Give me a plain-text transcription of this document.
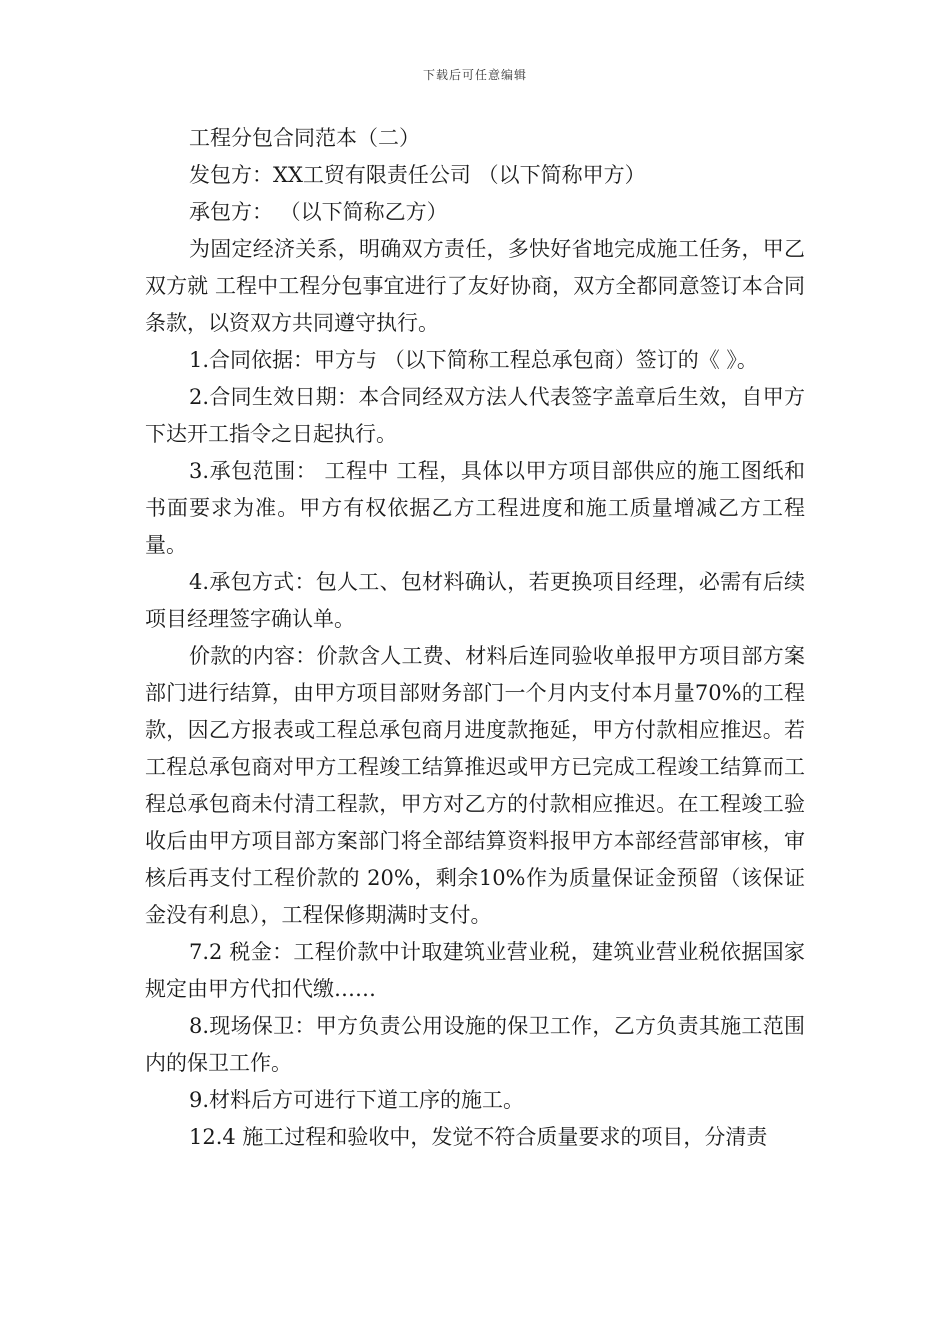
下载后可任意编辑

工程分包合同范本（二）

发包方：XX工贸有限责任公司 （以下简称甲方）

承包方： （以下简称乙方）

为固定经济关系，明确双方责任，多快好省地完成施工任务，甲乙双方就 工程中工程分包事宜进行了友好协商，双方全都同意签订本合同条款，以资双方共同遵守执行。

1.合同依据：甲方与 （以下简称工程总承包商）签订的《 》。

2.合同生效日期：本合同经双方法人代表签字盖章后生效，自甲方下达开工指令之日起执行。

3.承包范围： 工程中 工程，具体以甲方项目部供应的施工图纸和书面要求为准。甲方有权依据乙方工程进度和施工质量增减乙方工程量。

4.承包方式：包人工、包材料确认，若更换项目经理，必需有后续项目经理签字确认单。

价款的内容：价款含人工费、材料后连同验收单报甲方项目部方案部门进行结算，由甲方项目部财务部门一个月内支付本月量70%的工程款，因乙方报表或工程总承包商月进度款拖延，甲方付款相应推迟。若工程总承包商对甲方工程竣工结算推迟或甲方已完成工程竣工结算而工程总承包商未付清工程款，甲方对乙方的付款相应推迟。在工程竣工验收后由甲方项目部方案部门将全部结算资料报甲方本部经营部审核，审核后再支付工程价款的 20%，剩余10%作为质量保证金预留（该保证金没有利息），工程保修期满时支付。

7.2 税金：工程价款中计取建筑业营业税，建筑业营业税依据国家规定由甲方代扣代缴……

8.现场保卫：甲方负责公用设施的保卫工作，乙方负责其施工范围内的保卫工作。

9.材料后方可进行下道工序的施工。

12.4 施工过程和验收中，发觉不符合质量要求的项目，分清责
